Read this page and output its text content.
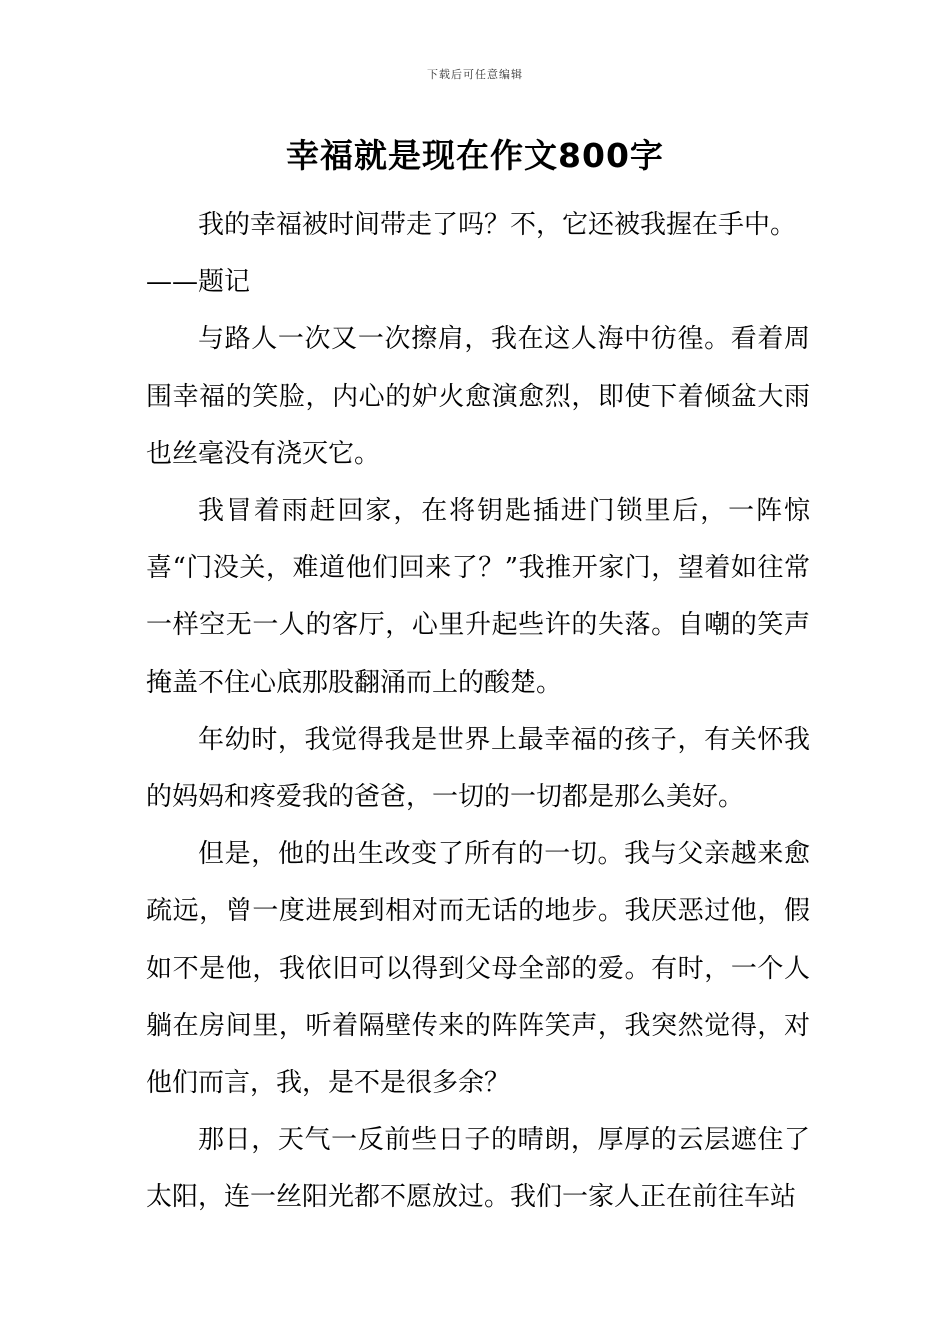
下载后可任意编辑
幸福就是现在作文800字

我的幸福被时间带走了吗？不，它还被我握在手中。

——题记

与路人一次又一次擦肩，我在这人海中彷徨。看着周围幸福的笑脸，内心的妒火愈演愈烈，即使下着倾盆大雨也丝毫没有浇灭它。

我冒着雨赶回家，在将钥匙插进门锁里后，一阵惊喜“门没关，难道他们回来了？”我推开家门，望着如往常一样空无一人的客厅，心里升起些许的失落。自嘲的笑声掩盖不住心底那股翻涌而上的酸楚。

年幼时，我觉得我是世界上最幸福的孩子，有关怀我的妈妈和疼爱我的爸爸，一切的一切都是那么美好。

但是，他的出生改变了所有的一切。我与父亲越来愈疏远，曾一度进展到相对而无话的地步。我厌恶过他，假如不是他，我依旧可以得到父母全部的爱。有时，一个人躺在房间里，听着隔壁传来的阵阵笑声，我突然觉得，对他们而言，我，是不是很多余？

那日，天气一反前些日子的晴朗，厚厚的云层遮住了太阳，连一丝阳光都不愿放过。我们一家人正在前往车站
